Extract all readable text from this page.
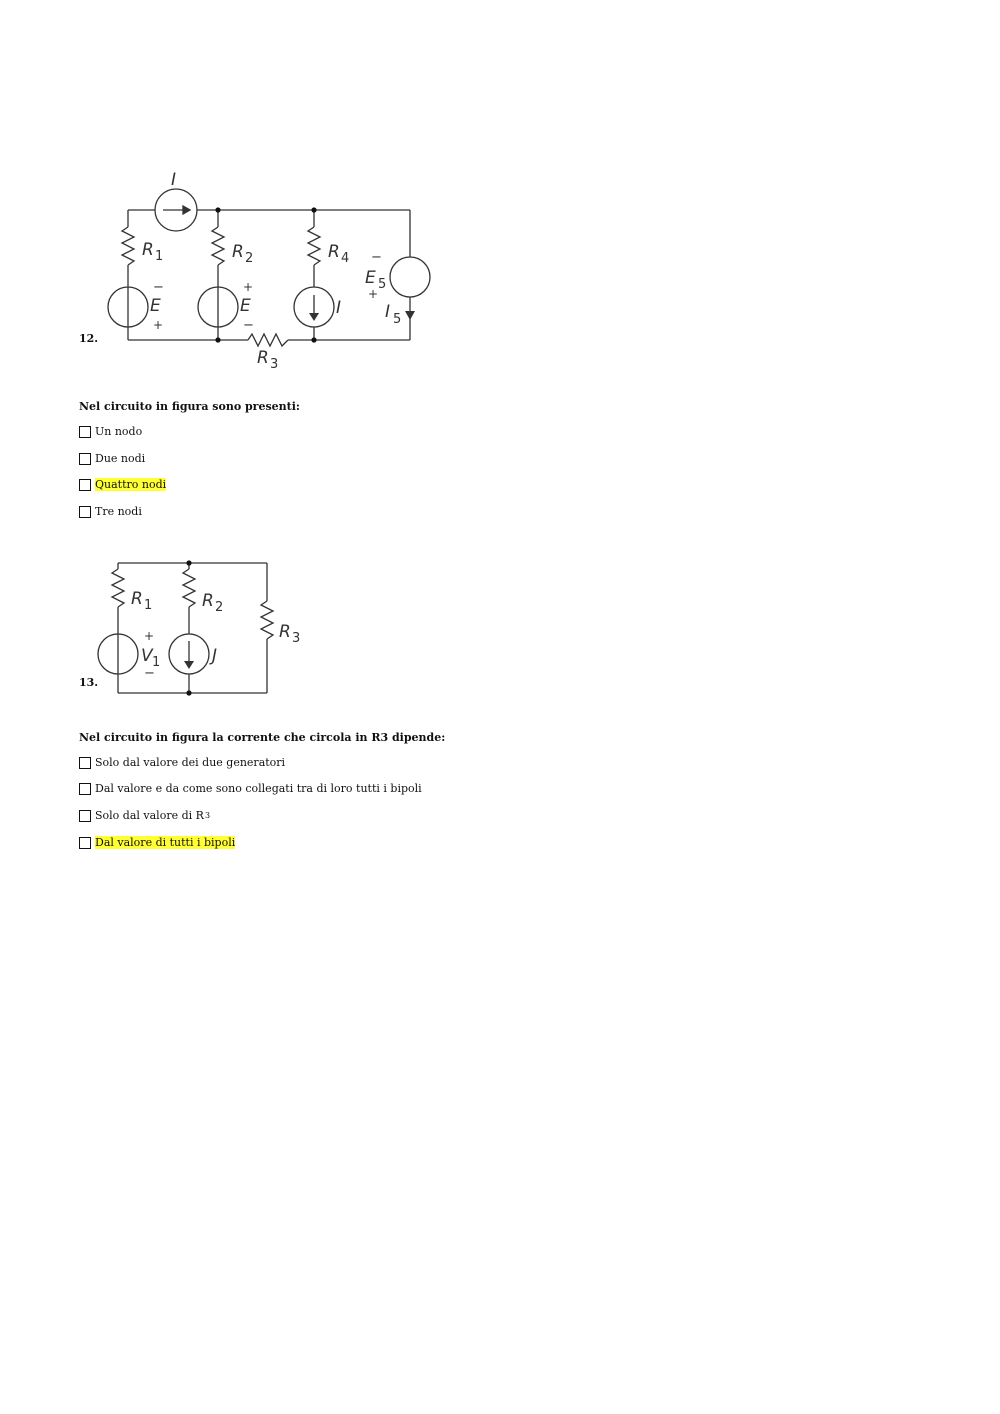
12.
I
R 1	R 2	R 4
R 3
−
E
+
+
E
−
I
−
E 5
+
I 5
Nel circuito in figura sono presenti:
Un nodo
Due nodi
Quattro nodi
Tre nodi
13.
R 1	R 2
R 3
+
V 1
−
J
Nel circuito in figura la corrente che circola in R3 dipende:
Solo dal valore dei due generatori
Dal valore e da come sono collegati tra di loro tutti i bipoli
Solo dal valore di R 3
Dal valore di tutti i bipoli
